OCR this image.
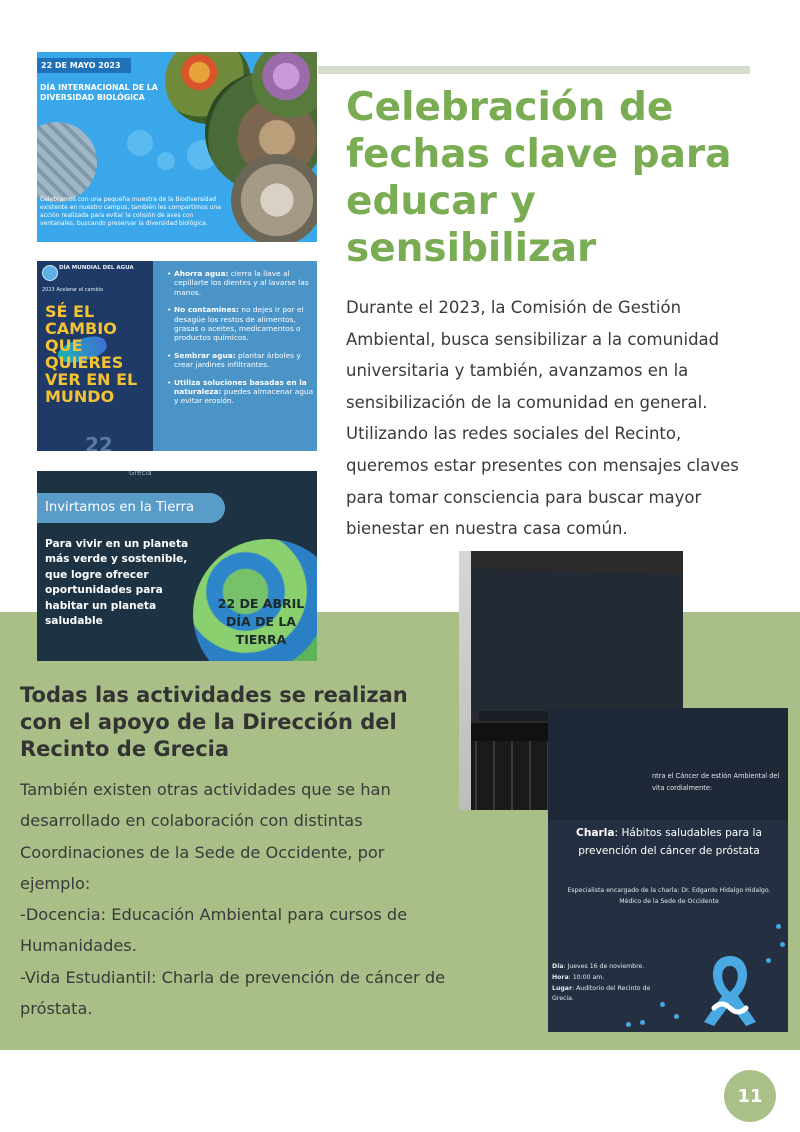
Celebración de fechas clave para educar y sensibilizar

Durante el 2023, la Comisión de Gestión Ambiental, busca sensibilizar a la comunidad universitaria y también, avanzamos en la sensibilización de la comunidad en general. Utilizando las redes sociales del Recinto, queremos estar presentes con mensajes claves para tomar consciencia para buscar mayor bienestar en nuestra casa común.

22 DE MAYO 2023

DÍA INTERNACIONAL DE LA DIVERSIDAD BIOLÓGICA

Celebramos con una pequeña muestra de la Biodiversidad existente en nuestro campus, también les compartimos una acción realizada para evitar la colisión de aves con ventanales, buscando preservar la diversidad biológica.

DÍA MUNDIAL DEL AGUA

2023 Acelerar el cambio

SÉ EL CAMBIO QUE QUIERES VER EN EL MUNDO

22
• Ahorra agua: cierra la llave al cepillarte los dientes y al lavarse las manos.
• No contamines: no dejes ir por el desagüe los restos de alimentos, grasas o aceites, medicamentos o productos químicos.
• Sembrar agua: plantar árboles y crear jardines infiltrantes.
• Utiliza soluciones basadas en la naturaleza: puedes almacenar agua y evitar erosión.
Grecia
Invirtamos en la Tierra

Para vivir en un planeta más verde y sostenible, que logre ofrecer oportunidades para habitar un planeta saludable

22 DE ABRIL DÍA DE LA TIERRA

ntra el Cáncer de estión Ambiental del vita cordialmente:

Charla: Hábitos saludables para la prevención del cáncer de próstata

Especialista encargado de la charla: Dr. Edgardo Hidalgo Hidalgo. Médico de la Sede de Occidente

Día: Jueves 16 de noviembre.
Hora: 10:00 am.
Lugar: Auditorio del Recinto de Grecia.

Todas las actividades se realizan con el apoyo de la Dirección del Recinto de Grecia

También existen otras actividades que se han desarrollado en colaboración con distintas Coordinaciones de la Sede de Occidente, por ejemplo:

-Docencia: Educación Ambiental para cursos de Humanidades.

-Vida Estudiantil: Charla de prevención de cáncer de próstata.

11
